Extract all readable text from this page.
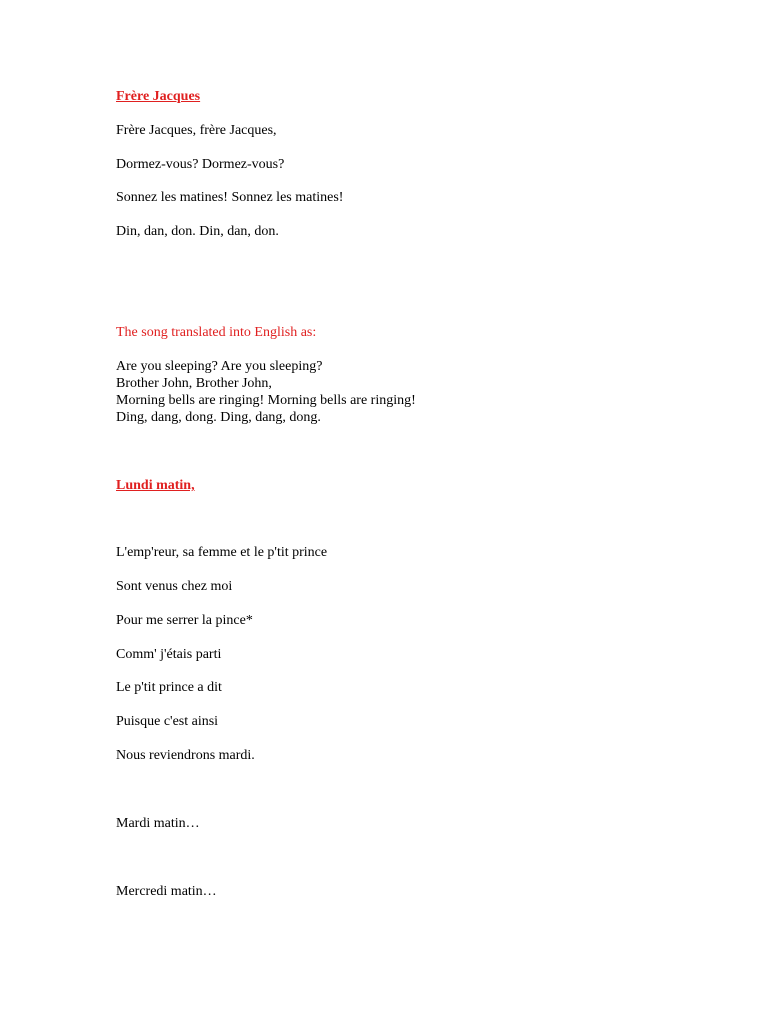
Frère Jacques
Frère Jacques, frère Jacques,
Dormez-vous? Dormez-vous?
Sonnez les matines! Sonnez les matines!
Din, dan, don. Din, dan, don.
The song translated into English as:
Are you sleeping? Are you sleeping?
Brother John, Brother John,
Morning bells are ringing! Morning bells are ringing!
Ding, dang, dong. Ding, dang, dong.
Lundi matin,
L'emp'reur, sa femme et le p'tit prince
Sont venus chez moi
Pour me serrer la pince*
Comm' j'étais parti
Le p'tit prince a dit
Puisque c'est ainsi
Nous reviendrons mardi.
Mardi matin…
Mercredi matin…
